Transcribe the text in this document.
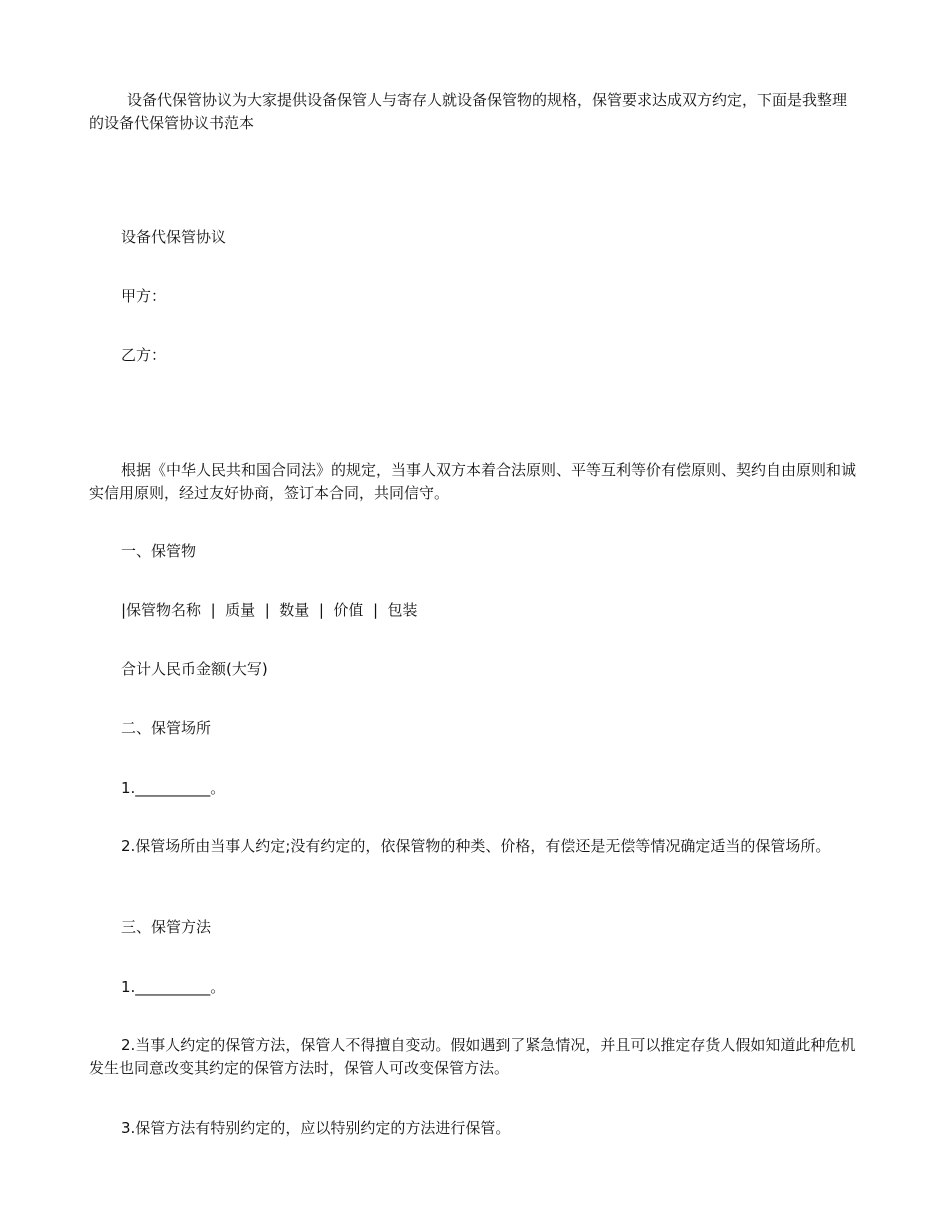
设备代保管协议为大家提供设备保管人与寄存人就设备保管物的规格，保管要求达成双方约定，下面是我整理的设备代保管协议书范本

设备代保管协议

甲方：

乙方：

根据《中华人民共和国合同法》的规定，当事人双方本着合法原则、平等互利等价有偿原则、契约自由原则和诚实信用原则，经过友好协商，签订本合同，共同信守。

一、保管物

|保管物名称  |  质量  |  数量  |  价值  |  包装

合计人民币金额(大写)

二、保管场所

1.__________。

2.保管场所由当事人约定;没有约定的，依保管物的种类、价格，有偿还是无偿等情况确定适当的保管场所。

三、保管方法

1.__________。

2.当事人约定的保管方法，保管人不得擅自变动。假如遇到了紧急情况，并且可以推定存货人假如知道此种危机发生也同意改变其约定的保管方法时，保管人可改变保管方法。

3.保管方法有特别约定的，应以特别约定的方法进行保管。
